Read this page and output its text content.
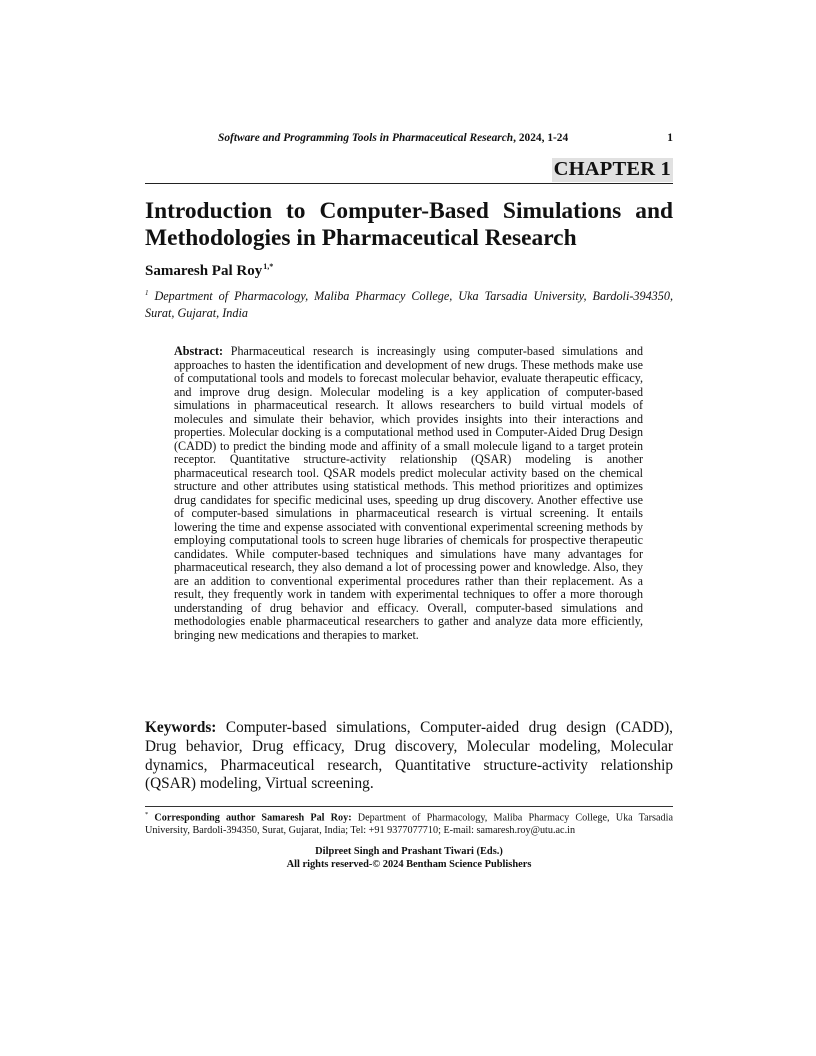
Software and Programming Tools in Pharmaceutical Research, 2024, 1-24	1
CHAPTER 1
Introduction to Computer-Based Simulations and
Methodologies in Pharmaceutical Research
Samaresh Pal Roy$^{1,*}$
$^1$ Department of Pharmacology, Maliba Pharmacy College, Uka Tarsadia University, Bardoli-394350, Surat, Gujarat, India
Abstract: Pharmaceutical research is increasingly using computer-based simulations and approaches to hasten the identification and development of new drugs. These methods make use of computational tools and models to forecast molecular behavior, evaluate therapeutic efficacy, and improve drug design. Molecular modeling is a key application of computer-based simulations in pharmaceutical research. It allows researchers to build virtual models of molecules and simulate their behavior, which provides insights into their interactions and properties. Molecular docking is a computational method used in Computer-Aided Drug Design (CADD) to predict the binding mode and affinity of a small molecule ligand to a target protein receptor. Quantitative structure-activity relationship (QSAR) modeling is another pharmaceutical research tool. QSAR models predict molecular activity based on the chemical structure and other attributes using statistical methods. This method prioritizes and optimizes drug candidates for specific medicinal uses, speeding up drug discovery. Another effective use of computer-based simulations in pharmaceutical research is virtual screening. It entails lowering the time and expense associated with conventional experimental screening methods by employing computational tools to screen huge libraries of chemicals for prospective therapeutic candidates. While computer-based techniques and simulations have many advantages for pharmaceutical research, they also demand a lot of processing power and knowledge. Also, they are an addition to conventional experimental procedures rather than their replacement. As a result, they frequently work in tandem with experimental techniques to offer a more thorough understanding of drug behavior and efficacy. Overall, computer-based simulations and methodologies enable pharmaceutical researchers to gather and analyze data more efficiently, bringing new medications and therapies to market.
Keywords: Computer-based simulations, Computer-aided drug design (CADD), Drug behavior, Drug efficacy, Drug discovery, Molecular modeling, Molecular dynamics, Pharmaceutical research, Quantitative structure-activity relationship (QSAR) modeling, Virtual screening.
* Corresponding author Samaresh Pal Roy: Department of Pharmacology, Maliba Pharmacy College, Uka Tarsadia University, Bardoli-394350, Surat, Gujarat, India; Tel: +91 9377077710; E-mail: samaresh.roy@utu.ac.in
Dilpreet Singh and Prashant Tiwari (Eds.)
All rights reserved-© 2024 Bentham Science Publishers
